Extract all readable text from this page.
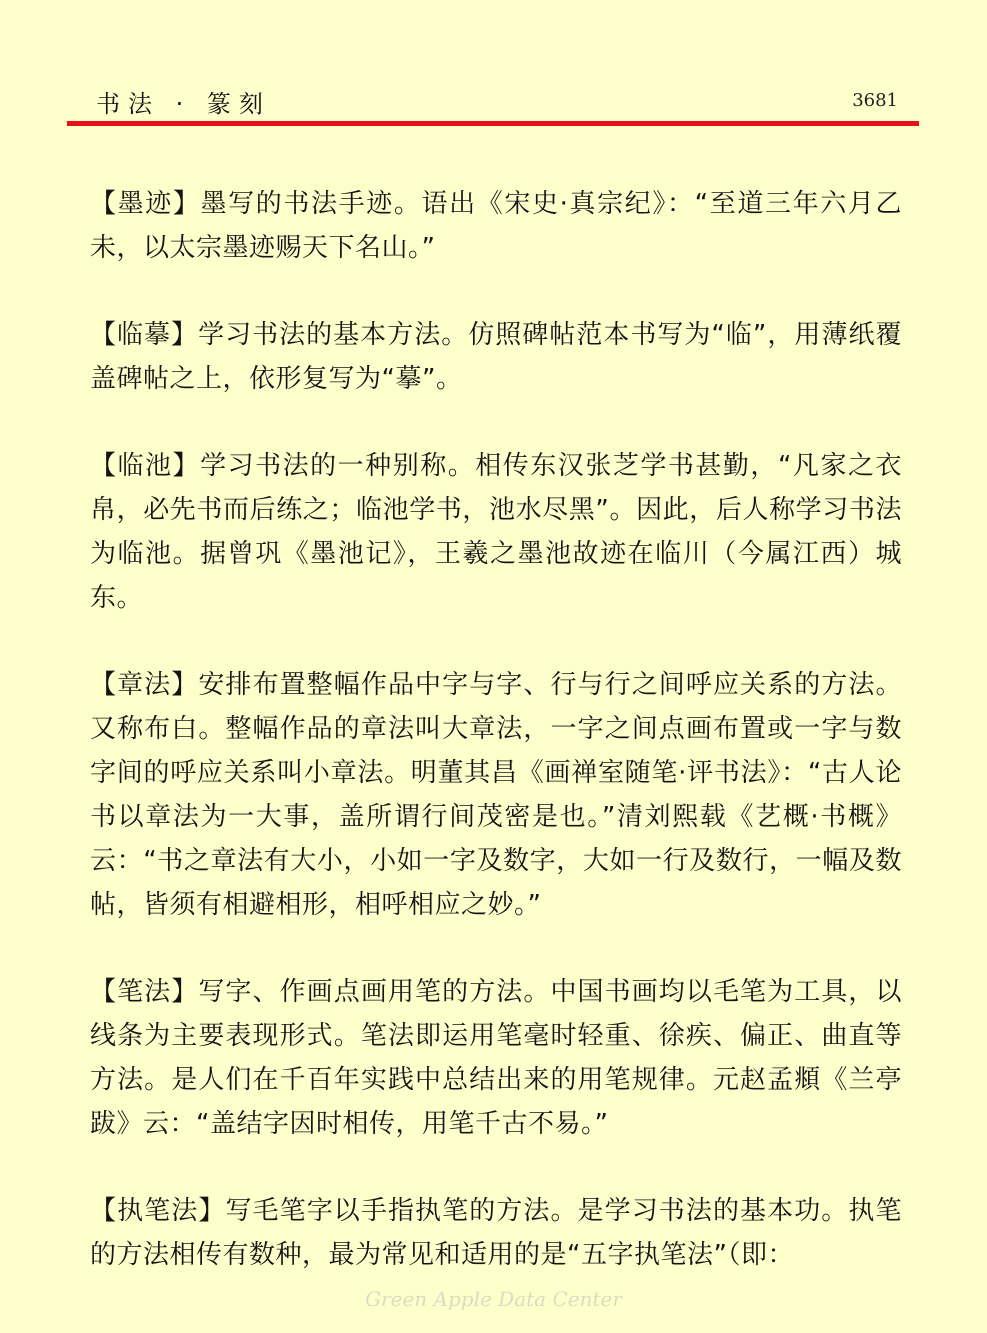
书法 · 篆刻	3681

【墨迹】墨写的书法手迹。语出《宋史·真宗纪》：“至道三年六月乙未，以太宗墨迹赐天下名山。”

【临摹】学习书法的基本方法。仿照碑帖范本书写为“临”，用薄纸覆盖碑帖之上，依形复写为“摹”。

【临池】学习书法的一种别称。相传东汉张芝学书甚勤，“凡家之衣帛，必先书而后练之；临池学书，池水尽黑”。因此，后人称学习书法为临池。据曾巩《墨池记》，王羲之墨池故迹在临川（今属江西）城东。

【章法】安排布置整幅作品中字与字、行与行之间呼应关系的方法。又称布白。整幅作品的章法叫大章法，一字之间点画布置或一字与数字间的呼应关系叫小章法。明董其昌《画禅室随笔·评书法》：“古人论书以章法为一大事，盖所谓行间茂密是也。”清刘熙载《艺概·书概》云：“书之章法有大小，小如一字及数字，大如一行及数行，一幅及数帖，皆须有相避相形，相呼相应之妙。”

【笔法】写字、作画点画用笔的方法。中国书画均以毛笔为工具，以线条为主要表现形式。笔法即运用笔毫时轻重、徐疾、偏正、曲直等方法。是人们在千百年实践中总结出来的用笔规律。元赵孟頫《兰亭跋》云：“盖结字因时相传，用笔千古不易。”

【执笔法】写毛笔字以手指执笔的方法。是学习书法的基本功。执笔的方法相传有数种，最为常见和适用的是“五字执笔法”（即：

Green Apple Data Center
